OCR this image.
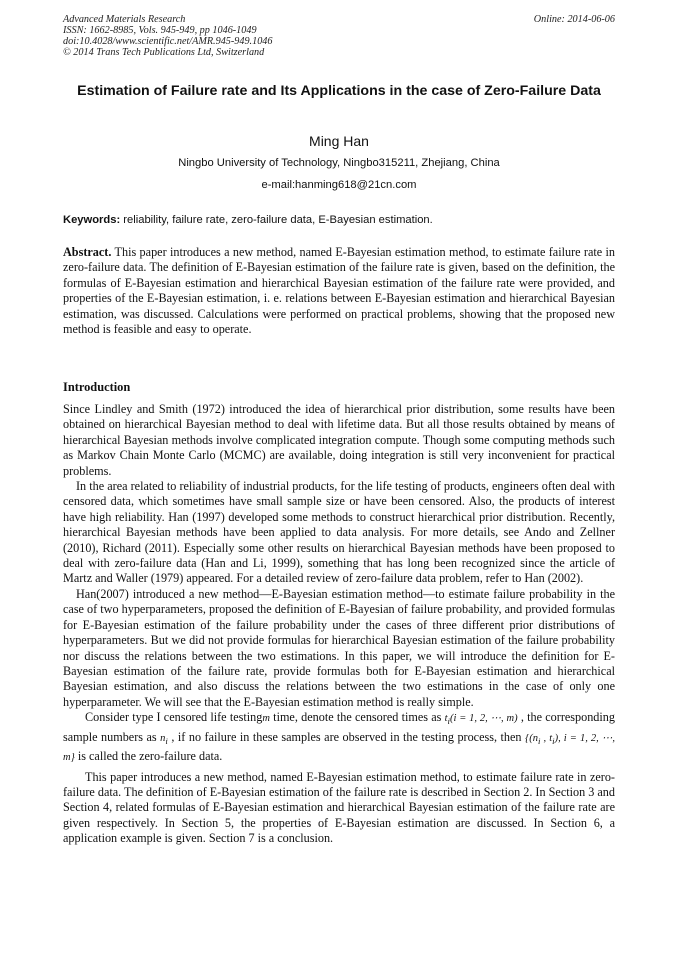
Advanced Materials Research
ISSN: 1662-8985, Vols. 945-949, pp 1046-1049
doi:10.4028/www.scientific.net/AMR.945-949.1046
© 2014 Trans Tech Publications Ltd, Switzerland
Online: 2014-06-06
Estimation of Failure rate and Its Applications in the case of Zero-Failure Data
Ming Han
Ningbo University of Technology, Ningbo315211, Zhejiang, China
e-mail:hanming618@21cn.com
Keywords: reliability, failure rate, zero-failure data, E-Bayesian estimation.
Abstract. This paper introduces a new method, named E-Bayesian estimation method, to estimate failure rate in zero-failure data. The definition of E-Bayesian estimation of the failure rate is given, based on the definition, the formulas of E-Bayesian estimation and hierarchical Bayesian estimation of the failure rate were provided, and properties of the E-Bayesian estimation, i. e. relations between E-Bayesian estimation and hierarchical Bayesian estimation, was discussed. Calculations were performed on practical problems, showing that the proposed new method is feasible and easy to operate.
Introduction

Since Lindley and Smith (1972) introduced the idea of hierarchical prior distribution, some results have been obtained on hierarchical Bayesian method to deal with lifetime data. But all those results obtained by means of hierarchical Bayesian methods involve complicated integration compute. Though some computing methods such as Markov Chain Monte Carlo (MCMC) are available, doing integration is still very inconvenient for practical problems.

In the area related to reliability of industrial products, for the life testing of products, engineers often deal with censored data, which sometimes have small sample size or have been censored. Also, the products of interest have high reliability. Han (1997) developed some methods to construct hierarchical prior distribution. Recently, hierarchical Bayesian methods have been applied to data analysis. For more details, see Ando and Zellner (2010), Richard (2011). Especially some other results on hierarchical Bayesian methods have been proposed to deal with zero-failure data (Han and Li, 1999), something that has long been recognized since the article of Martz and Waller (1979) appeared. For a detailed review of zero-failure data problem, refer to Han (2002).

Han(2007) introduced a new method—E-Bayesian estimation method—to estimate failure probability in the case of two hyperparameters, proposed the definition of E-Bayesian of failure probability, and provided formulas for E-Bayesian estimation of the failure probability under the cases of three different prior distributions of hyperparameters. But we did not provide formulas for hierarchical Bayesian estimation of the failure probability nor discuss the relations between the two estimations. In this paper, we will introduce the definition for E-Bayesian estimation of the failure rate, provide formulas both for E-Bayesian estimation and hierarchical Bayesian estimation, and also discuss the relations between the two estimations in the case of only one hyperparameter. We will see that the E-Bayesian estimation method is really simple.

Consider type I censored life testingm time, denote the censored times as $t_i(i = 1$, 2, ⋯, m) , the corresponding sample numbers as $n_i$ , if no failure in these samples are observed in the testing process, then {($n_i$ , $t_i$), i = 1, 2, ⋯, m} is called the zero-failure data.

This paper introduces a new method, named E-Bayesian estimation method, to estimate failure rate in zero-failure data. The definition of E-Bayesian estimation of the failure rate is described in Section 2. In Section 3 and Section 4, related formulas of E-Bayesian estimation and hierarchical Bayesian estimation of the failure rate are given respectively. In Section 5, the properties of E-Bayesian estimation are discussed. In Section 6, a application example is given. Section 7 is a conclusion.
